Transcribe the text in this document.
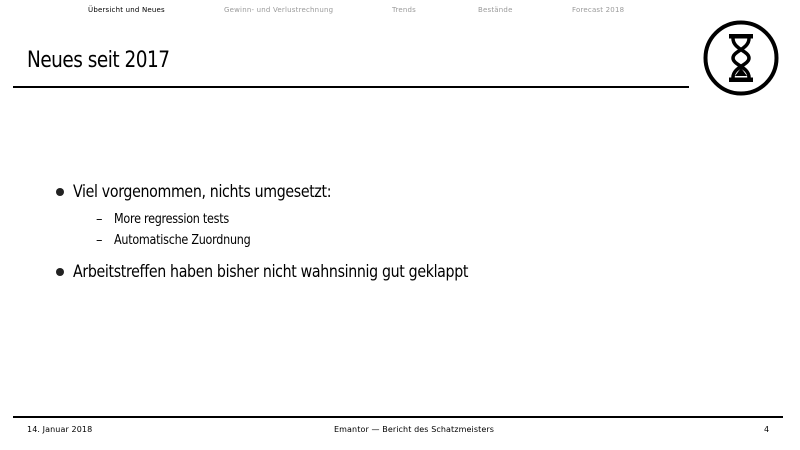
Übersicht und Neues	Gewinn- und Verlustrechnung	Trends	Bestände	Forecast 2018
Neues seit 2017
Viel vorgenommen, nichts umgesetzt:
– More regression tests
– Automatische Zuordnung
Arbeitstreffen haben bisher nicht wahnsinnig gut geklappt
14. Januar 2018	Emantor — Bericht des Schatzmeisters	4
